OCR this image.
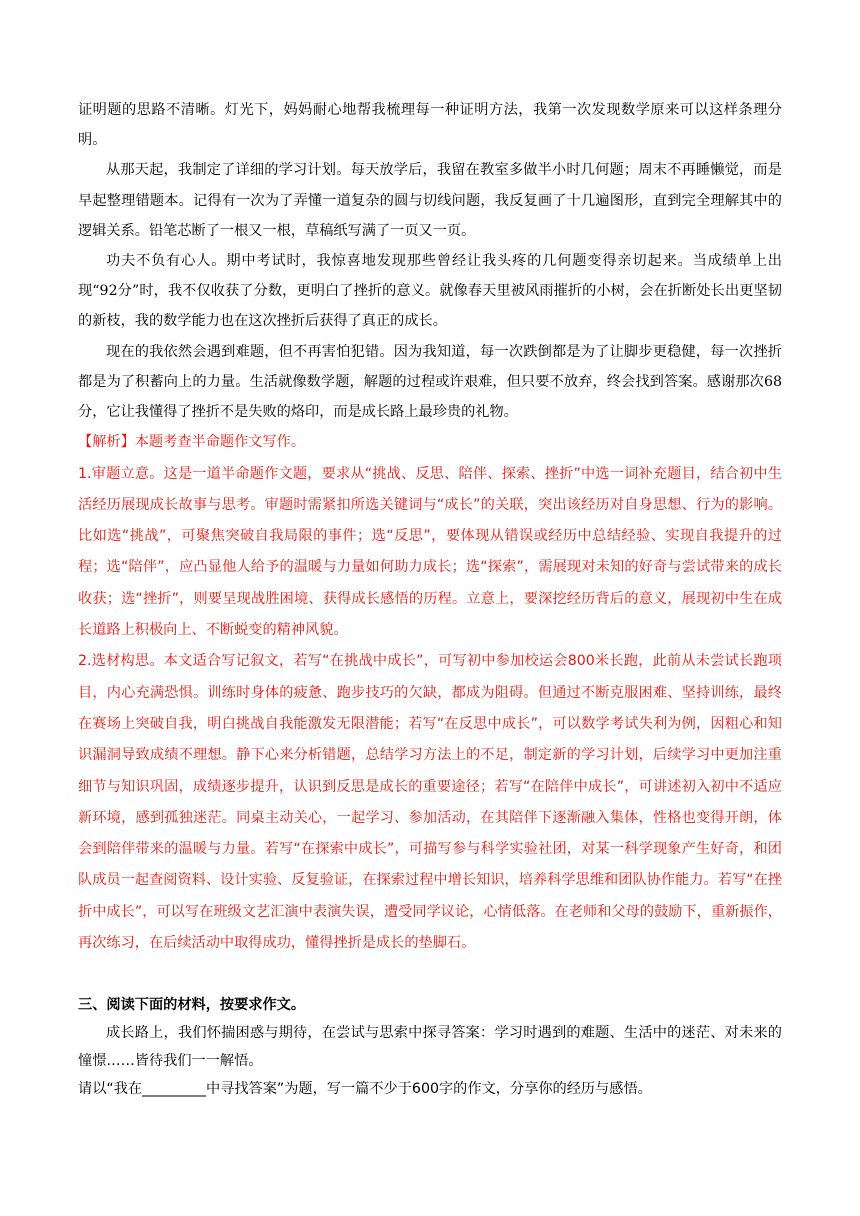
证明题的思路不清晰。灯光下，妈妈耐心地帮我梳理每一种证明方法，我第一次发现数学原来可以这样条理分明。

从那天起，我制定了详细的学习计划。每天放学后，我留在教室多做半小时几何题；周末不再睡懒觉，而是早起整理错题本。记得有一次为了弄懂一道复杂的圆与切线问题，我反复画了十几遍图形，直到完全理解其中的逻辑关系。铅笔芯断了一根又一根，草稿纸写满了一页又一页。

功夫不负有心人。期中考试时，我惊喜地发现那些曾经让我头疼的几何题变得亲切起来。当成绩单上出现“92分”时，我不仅收获了分数，更明白了挫折的意义。就像春天里被风雨摧折的小树，会在折断处长出更坚韧的新枝，我的数学能力也在这次挫折后获得了真正的成长。

现在的我依然会遇到难题，但不再害怕犯错。因为我知道，每一次跌倒都是为了让脚步更稳健，每一次挫折都是为了积蓄向上的力量。生活就像数学题，解题的过程或许艰难，但只要不放弃，终会找到答案。感谢那次68分，它让我懂得了挫折不是失败的烙印，而是成长路上最珍贵的礼物。

【解析】本题考查半命题作文写作。

1.审题立意。这是一道半命题作文题，要求从“挑战、反思、陪伴、探索、挫折”中选一词补充题目，结合初中生活经历展现成长故事与思考。审题时需紧扣所选关键词与“成长”的关联，突出该经历对自身思想、行为的影响。比如选“挑战”，可聚焦突破自我局限的事件；选“反思”，要体现从错误或经历中总结经验、实现自我提升的过程；选“陪伴”，应凸显他人给予的温暖与力量如何助力成长；选“探索”，需展现对未知的好奇与尝试带来的成长收获；选“挫折”，则要呈现战胜困境、获得成长感悟的历程。立意上，要深挖经历背后的意义，展现初中生在成长道路上积极向上、不断蜕变的精神风貌。

2.选材构思。本文适合写记叙文，若写“在挑战中成长”，可写初中参加校运会800米长跑，此前从未尝试长跑项目，内心充满恐惧。训练时身体的疲惫、跑步技巧的欠缺，都成为阻碍。但通过不断克服困难、坚持训练，最终在赛场上突破自我，明白挑战自我能激发无限潜能；若写“在反思中成长”，可以数学考试失利为例，因粗心和知识漏洞导致成绩不理想。静下心来分析错题，总结学习方法上的不足，制定新的学习计划，后续学习中更加注重细节与知识巩固，成绩逐步提升，认识到反思是成长的重要途径；若写“在陪伴中成长”，可讲述初入初中不适应新环境，感到孤独迷茫。同桌主动关心，一起学习、参加活动，在其陪伴下逐渐融入集体，性格也变得开朗，体会到陪伴带来的温暖与力量。若写“在探索中成长”，可描写参与科学实验社团，对某一科学现象产生好奇，和团队成员一起查阅资料、设计实验、反复验证，在探索过程中增长知识，培养科学思维和团队协作能力。若写“在挫折中成长”，可以写在班级文艺汇演中表演失误，遭受同学议论，心情低落。在老师和父母的鼓励下，重新振作，再次练习，在后续活动中取得成功，懂得挫折是成长的垫脚石。

三、阅读下面的材料，按要求作文。

成长路上，我们怀揣困惑与期待，在尝试与思索中探寻答案：学习时遇到的难题、生活中的迷茫、对未来的憧憬……皆待我们一一解悟。

请以“我在_________中寻找答案”为题，写一篇不少于600字的作文，分享你的经历与感悟。
